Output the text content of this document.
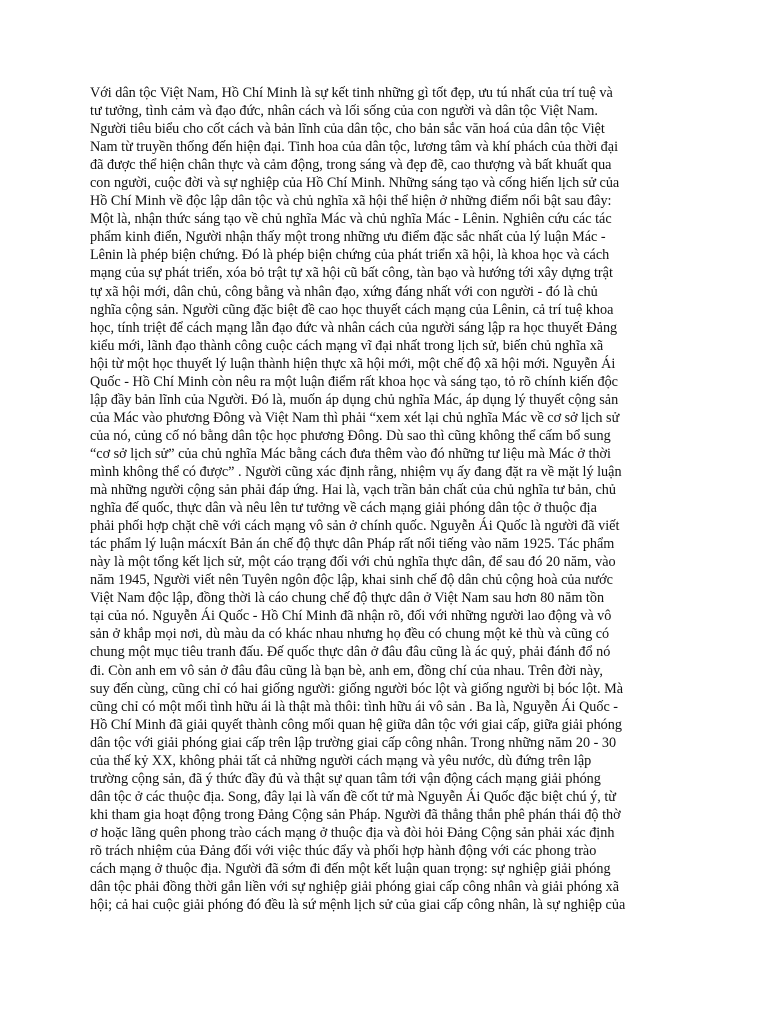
Với dân tộc Việt Nam, Hồ Chí Minh là sự kết tinh những gì tốt đẹp, ưu tú nhất của trí tuệ và
tư tưởng, tình cảm và đạo đức, nhân cách và lối sống của con người và dân tộc Việt Nam.
Người tiêu biểu cho cốt cách và bản lĩnh của dân tộc, cho bản sắc văn hoá của dân tộc Việt
Nam từ truyền thống đến hiện đại. Tinh hoa của dân tộc, lương tâm và khí phách của thời đại
đã được thể hiện chân thực và cảm động, trong sáng và đẹp đẽ, cao thượng và bất khuất qua
con người, cuộc đời và sự nghiệp của Hồ Chí Minh. Những sáng tạo và cống hiến lịch sử của
Hồ Chí Minh về độc lập dân tộc và chủ nghĩa xã hội thể hiện ở những điểm nổi bật sau đây:
Một là, nhận thức sáng tạo về chủ nghĩa Mác và chủ nghĩa Mác - Lênin. Nghiên cứu các tác
phẩm kinh điển, Người nhận thấy một trong những ưu điểm đặc sắc nhất của lý luận Mác -
Lênin là phép biện chứng. Đó là phép biện chứng của phát triển xã hội, là khoa học và cách
mạng của sự phát triển, xóa bỏ trật tự xã hội cũ bất công, tàn bạo và hướng tới xây dựng trật
tự xã hội mới, dân chủ, công bằng và nhân đạo, xứng đáng nhất với con người - đó là chủ
nghĩa cộng sản. Người cũng đặc biệt đề cao học thuyết cách mạng của Lênin, cả trí tuệ khoa
học, tính triệt để cách mạng lẫn đạo đức và nhân cách của người sáng lập ra học thuyết Đảng
kiểu mới, lãnh đạo thành công cuộc cách mạng vĩ đại nhất trong lịch sử, biến chủ nghĩa xã
hội từ một học thuyết lý luận thành hiện thực xã hội mới, một chế độ xã hội mới. Nguyễn Ái
Quốc - Hồ Chí Minh còn nêu ra một luận điểm rất khoa học và sáng tạo, tỏ rõ chính kiến độc
lập đầy bản lĩnh của Người. Đó là, muốn áp dụng chủ nghĩa Mác, áp dụng lý thuyết cộng sản
của Mác vào phương Đông và Việt Nam thì phải “xem xét lại chủ nghĩa Mác về cơ sở lịch sử
của nó, củng cố nó bằng dân tộc học phương Đông. Dù sao thì cũng không thể cấm bổ sung
“cơ sở lịch sử” của chủ nghĩa Mác bằng cách đưa thêm vào đó những tư liệu mà Mác ở thời
mình không thể có được” . Người cũng xác định rằng, nhiệm vụ ấy đang đặt ra về mặt lý luận
mà những người cộng sản phải đáp ứng. Hai là, vạch trần bản chất của chủ nghĩa tư bản, chủ
nghĩa đế quốc, thực dân và nêu lên tư tưởng về cách mạng giải phóng dân tộc ở thuộc địa
phải phối hợp chặt chẽ với cách mạng vô sản ở chính quốc. Nguyễn Ái Quốc là người đã viết
tác phẩm lý luận mácxít Bản án chế độ thực dân Pháp rất nổi tiếng vào năm 1925. Tác phẩm
này là một tổng kết lịch sử, một cáo trạng đối với chủ nghĩa thực dân, để sau đó 20 năm, vào
năm 1945, Người viết nên Tuyên ngôn độc lập, khai sinh chế độ dân chủ cộng hoà của nước
Việt Nam độc lập, đồng thời là cáo chung chế độ thực dân ở Việt Nam sau hơn 80 năm tồn
tại của nó. Nguyễn Ái Quốc - Hồ Chí Minh đã nhận rõ, đối với những người lao động và vô
sản ở khắp mọi nơi, dù màu da có khác nhau nhưng họ đều có chung một kẻ thù và cũng có
chung một mục tiêu tranh đấu. Đế quốc thực dân ở đâu đâu cũng là ác quỷ, phải đánh đổ nó
đi. Còn anh em vô sản ở đâu đâu cũng là bạn bè, anh em, đồng chí của nhau. Trên đời này,
suy đến cùng, cũng chỉ có hai giống người: giống người bóc lột và giống người bị bóc lột. Mà
cũng chỉ có một mối tình hữu ái là thật mà thôi: tình hữu ái vô sản . Ba là, Nguyễn Ái Quốc -
Hồ Chí Minh đã giải quyết thành công mối quan hệ giữa dân tộc với giai cấp, giữa giải phóng
dân tộc với giải phóng giai cấp trên lập trường giai cấp công nhân. Trong những năm 20 - 30
của thế kỷ XX, không phải tất cả những người cách mạng và yêu nước, dù đứng trên lập
trường cộng sản, đã ý thức đầy đủ và thật sự quan tâm tới vận động cách mạng giải phóng
dân tộc ở các thuộc địa. Song, đây lại là vấn đề cốt tử mà Nguyễn Ái Quốc đặc biệt chú ý, từ
khi tham gia hoạt động trong Đảng Cộng sản Pháp. Người đã thẳng thắn phê phán thái độ thờ
ơ hoặc lãng quên phong trào cách mạng ở thuộc địa và đòi hỏi Đảng Cộng sản phải xác định
rõ trách nhiệm của Đảng đối với việc thúc đẩy và phối hợp hành động với các phong trào
cách mạng ở thuộc địa. Người đã sớm đi đến một kết luận quan trọng: sự nghiệp giải phóng
dân tộc phải đồng thời gắn liền với sự nghiệp giải phóng giai cấp công nhân và giải phóng xã
hội; cả hai cuộc giải phóng đó đều là sứ mệnh lịch sử của giai cấp công nhân, là sự nghiệp của
